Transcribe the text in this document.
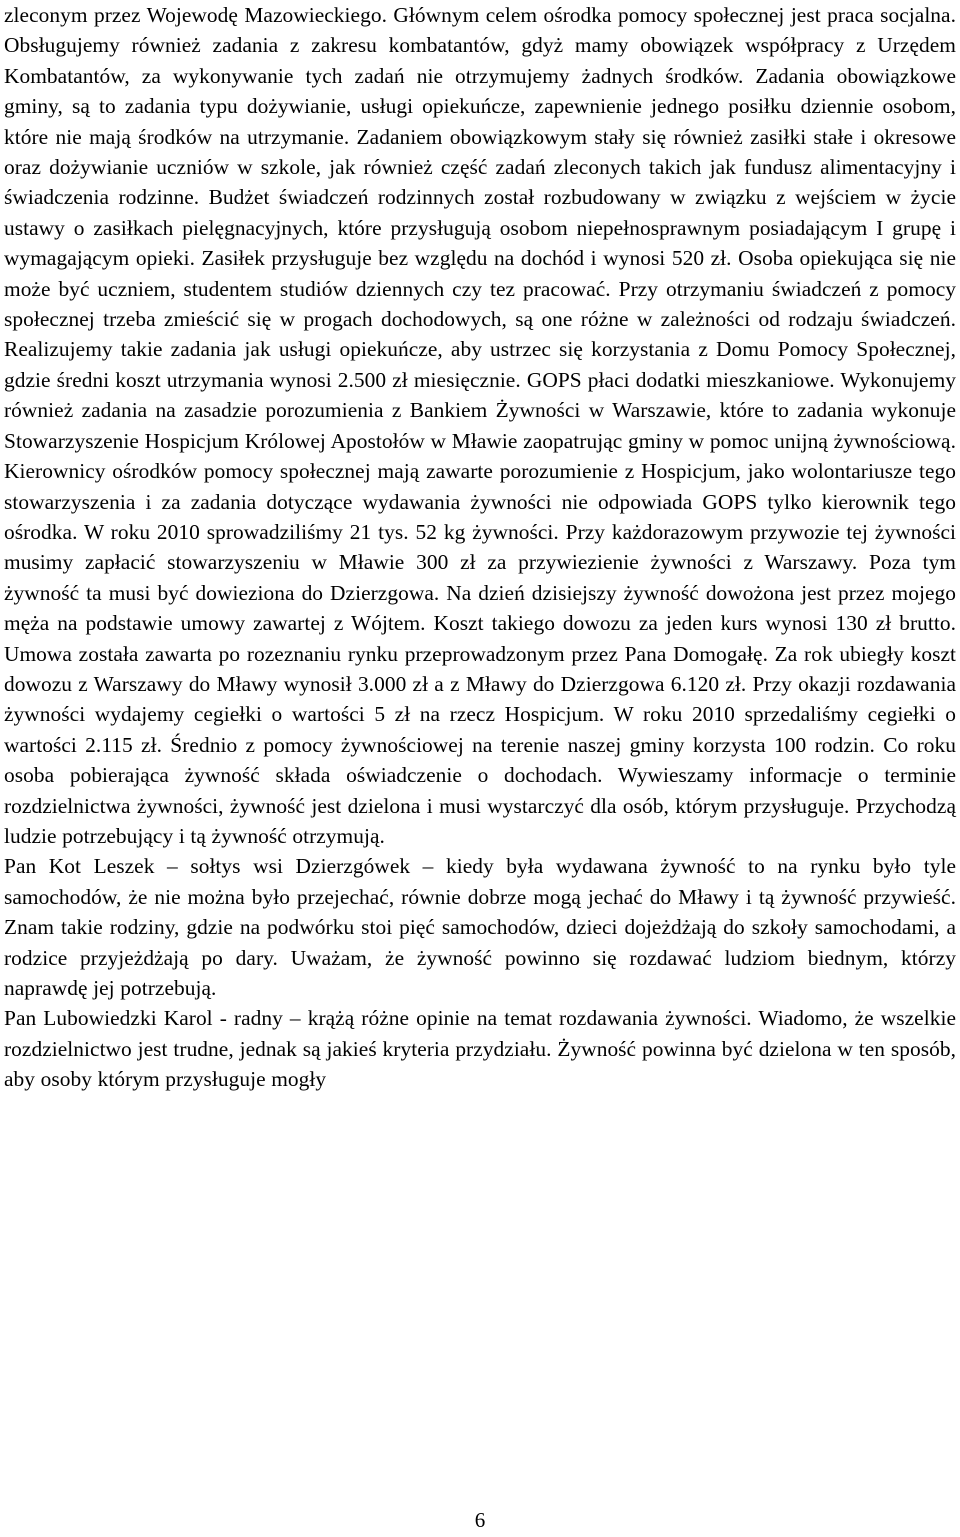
zleconym przez Wojewodę Mazowieckiego. Głównym celem ośrodka pomocy społecznej jest praca socjalna. Obsługujemy również zadania z zakresu kombatantów, gdyż mamy obowiązek współpracy z Urzędem Kombatantów, za wykonywanie tych zadań nie otrzymujemy żadnych środków. Zadania obowiązkowe gminy, są to zadania typu dożywianie, usługi opiekuńcze, zapewnienie jednego posiłku dziennie osobom, które nie mają środków na utrzymanie. Zadaniem obowiązkowym stały się również zasiłki stałe i okresowe oraz dożywianie uczniów w szkole, jak również część zadań zleconych takich jak fundusz alimentacyjny i świadczenia rodzinne. Budżet świadczeń rodzinnych został rozbudowany w związku z wejściem w życie ustawy o zasiłkach pielęgnacyjnych, które przysługują osobom niepełnosprawnym posiadającym I grupę i wymagającym opieki. Zasiłek przysługuje bez względu na dochód i wynosi 520 zł. Osoba opiekująca się nie może być uczniem, studentem studiów dziennych czy tez pracować. Przy otrzymaniu świadczeń z pomocy społecznej trzeba zmieścić się w progach dochodowych, są one różne w zależności od rodzaju świadczeń. Realizujemy takie zadania jak usługi opiekuńcze, aby ustrzec się korzystania z Domu Pomocy Społecznej, gdzie średni koszt utrzymania wynosi 2.500 zł miesięcznie. GOPS płaci dodatki mieszkaniowe. Wykonujemy również zadania na zasadzie porozumienia z Bankiem Żywności w Warszawie, które to zadania wykonuje Stowarzyszenie Hospicjum Królowej Apostołów w Mławie zaopatrując gminy w pomoc unijną żywnościową. Kierownicy ośrodków pomocy społecznej mają zawarte porozumienie z Hospicjum, jako wolontariusze tego stowarzyszenia i za zadania dotyczące wydawania żywności nie odpowiada GOPS tylko kierownik tego ośrodka. W roku 2010 sprowadziliśmy 21 tys. 52 kg żywności. Przy każdorazowym przywozie tej żywności musimy zapłacić stowarzyszeniu w Mławie 300 zł za przywiezienie żywności z Warszawy. Poza tym żywność ta musi być dowieziona do Dzierzgowa. Na dzień dzisiejszy żywność dowożona jest przez mojego męża na podstawie umowy zawartej z Wójtem. Koszt takiego dowozu za jeden kurs wynosi 130 zł brutto. Umowa została zawarta po rozeznaniu rynku przeprowadzonym przez Pana Domogałę. Za rok ubiegły koszt dowozu z Warszawy do Mławy wynosił 3.000 zł a z Mławy do Dzierzgowa 6.120 zł. Przy okazji rozdawania żywności wydajemy cegiełki o wartości 5 zł na rzecz Hospicjum. W roku 2010 sprzedaliśmy cegiełki o wartości 2.115 zł. Średnio z pomocy żywnościowej na terenie naszej gminy korzysta 100 rodzin. Co roku osoba pobierająca żywność składa oświadczenie o dochodach. Wywieszamy informacje o terminie rozdzielnictwa żywności, żywność jest dzielona i musi wystarczyć dla osób, którym przysługuje. Przychodzą ludzie potrzebujący i tą żywność otrzymują.

Pan Kot Leszek – sołtys wsi Dzierzgówek – kiedy była wydawana żywność to na rynku było tyle samochodów, że nie można było przejechać, równie dobrze mogą jechać do Mławy i tą żywność przywieść. Znam takie rodziny, gdzie na podwórku stoi pięć samochodów, dzieci dojeżdżają do szkoły samochodami, a rodzice przyjeżdżają po dary. Uważam, że żywność powinno się rozdawać ludziom biednym, którzy naprawdę jej potrzebują.

Pan Lubowiedzki Karol - radny – krążą różne opinie na temat rozdawania żywności. Wiadomo, że wszelkie rozdzielnictwo jest trudne, jednak są jakieś kryteria przydziału. Żywność powinna być dzielona w ten sposób, aby osoby którym przysługuje mogły

6
